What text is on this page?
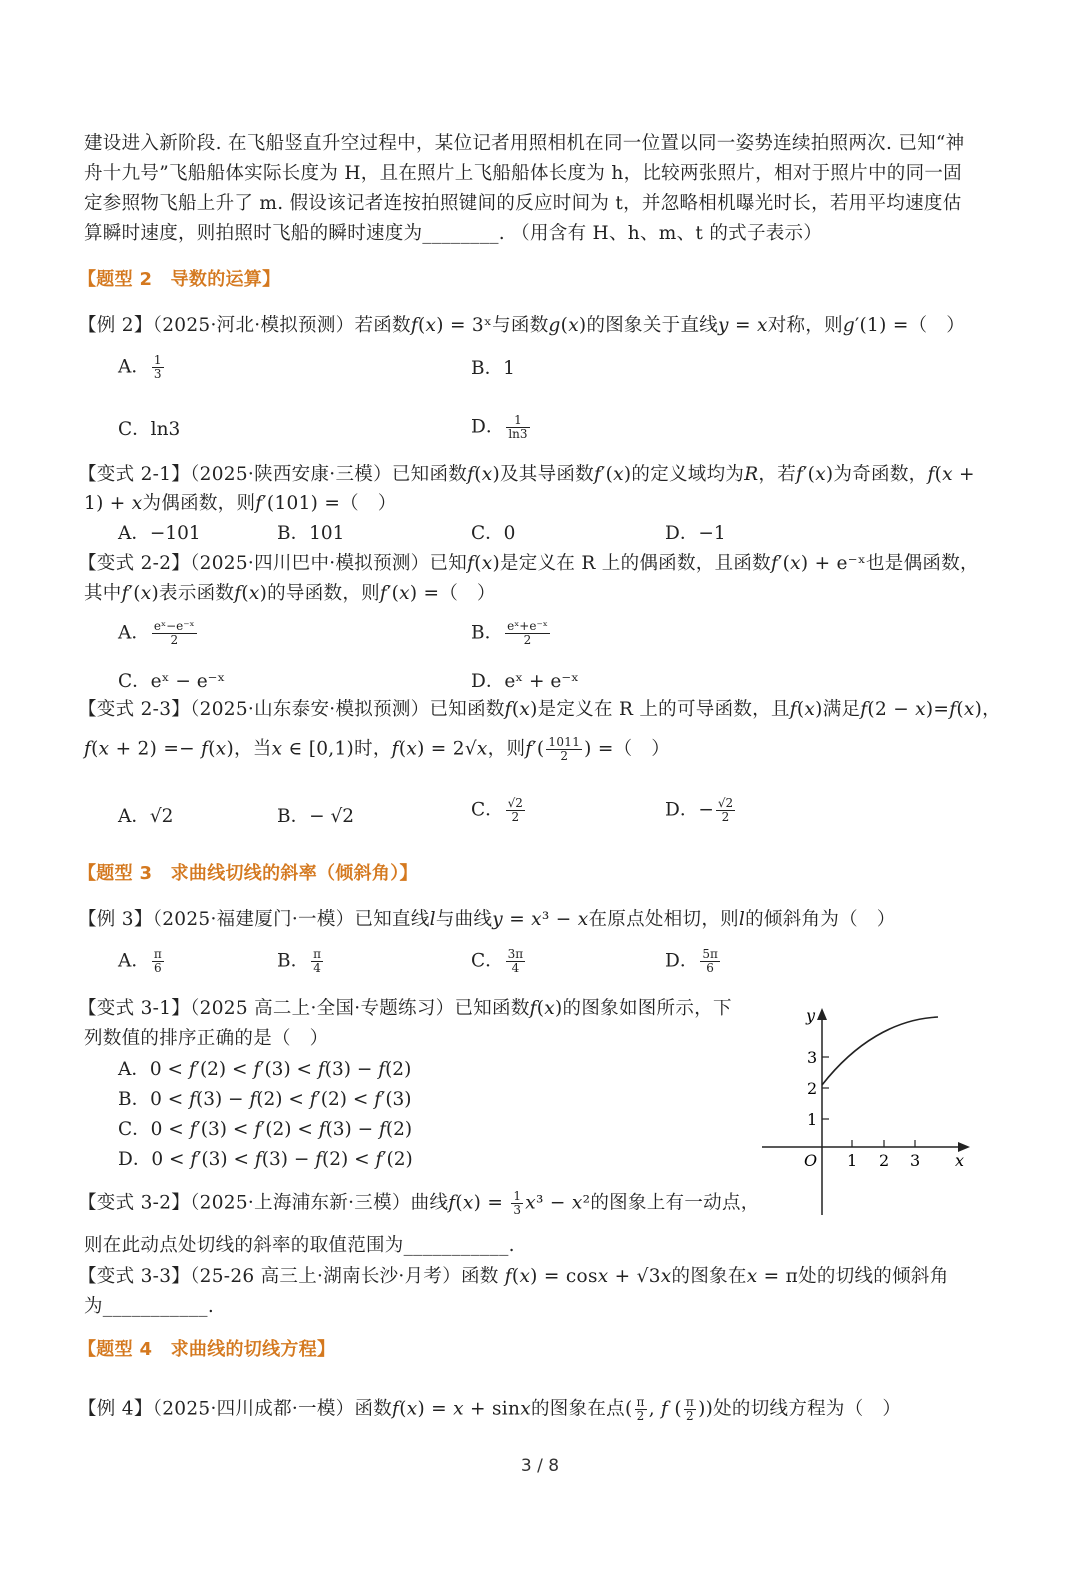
建设进入新阶段. 在飞船竖直升空过程中，某位记者用照相机在同一位置以同一姿势连续拍照两次. 已知“神
舟十九号”飞船船体实际长度为 H，且在照片上飞船船体长度为 h，比较两张照片，相对于照片中的同一固
定参照物飞船上升了 m. 假设该记者连按拍照键间的反应时间为 t，并忽略相机曝光时长，若用平均速度估
算瞬时速度，则拍照时飞船的瞬时速度为________. （用含有 H、h、m、t 的式子表示）
【题型 2　导数的运算】
【例 2】（2025·河北·模拟预测）若函数𝑓(𝑥) = 3ˣ与函数𝑔(𝑥)的图象关于直线𝑦 = 𝑥对称，则𝑔′(1) =（　）
A． $\frac{1}{3}$	B．1
C．ln3	D． $\frac{1}{\ln 3}$
【变式 2-1】（2025·陕西安康·三模）已知函数𝑓(𝑥)及其导函数𝑓′(𝑥)的定义域均为𝑅，若𝑓′(𝑥)为奇函数，𝑓(𝑥 +
1) + 𝑥为偶函数，则𝑓′(101) =（　）
A．−101	B．101	C．0	D．−1
【变式 2-2】（2025·四川巴中·模拟预测）已知𝑓(𝑥)是定义在 R 上的偶函数，且函数𝑓′(𝑥) + e⁻ˣ也是偶函数，
其中𝑓′(𝑥)表示函数𝑓(𝑥)的导函数，则𝑓′(𝑥) =（　）
A． $\frac{\text{eˣ−e⁻ˣ}}{2}$	B． $\frac{\text{eˣ+e⁻ˣ}}{2}$
C．eˣ − e⁻ˣ	D．eˣ + e⁻ˣ
【变式 2-3】（2025·山东泰安·模拟预测）已知函数𝑓(𝑥)是定义在 R 上的可导函数，且𝑓(𝑥)满足𝑓(2 − 𝑥)=𝑓(𝑥)，
𝑓(𝑥 + 2) =− 𝑓(𝑥)，当𝑥 ∈ [0,1)时，𝑓(𝑥) = 2√𝑥，则𝑓′( $\frac{1011}{2}$ ) =（　）
A．√2	B．− √2	C． $\frac{√2}{2}$	D．− $\frac{√2}{2}$
【题型 3　求曲线切线的斜率（倾斜角）】
【例 3】（2025·福建厦门·一模）已知直线𝑙与曲线𝑦 = 𝑥³ − 𝑥在原点处相切，则𝑙的倾斜角为（　）
A． $\frac{\pi}{6}$	B． $\frac{\pi}{4}$	C． $\frac{3\pi}{4}$	D． $\frac{5\pi}{6}$
【变式 3-1】（2025 高二上·全国·专题练习）已知函数𝑓(𝑥)的图象如图所示，下
列数值的排序正确的是（　）
A．0 < 𝑓′(2) < 𝑓′(3) < 𝑓(3) − 𝑓(2)
B．0 < 𝑓(3) − 𝑓(2) < 𝑓′(2) < 𝑓′(3)
C．0 < 𝑓′(3) < 𝑓′(2) < 𝑓(3) − 𝑓(2)
D．0 < 𝑓′(3) < 𝑓(3) − 𝑓(2) < 𝑓′(2)
y
x
O
1
2
3
1 2 3
【变式 3-2】（2025·上海浦东新·三模）曲线𝑓(𝑥) = $\frac{1}{3}$ 𝑥³ − 𝑥²的图象上有一动点，
则在此动点处切线的斜率的取值范围为___________.
【变式 3-3】（25-26 高三上·湖南长沙·月考）函数 𝑓(𝑥) = cos𝑥 + √3𝑥的图象在𝑥 = π处的切线的倾斜角
为___________.
【题型 4　求曲线的切线方程】
【例 4】（2025·四川成都·一模）函数𝑓(𝑥) = 𝑥 + sin𝑥的图象在点( $\frac{\pi}{2}$ , 𝑓 ( $\frac{\pi}{2}$ ))处的切线方程为（　）
3 / 8
